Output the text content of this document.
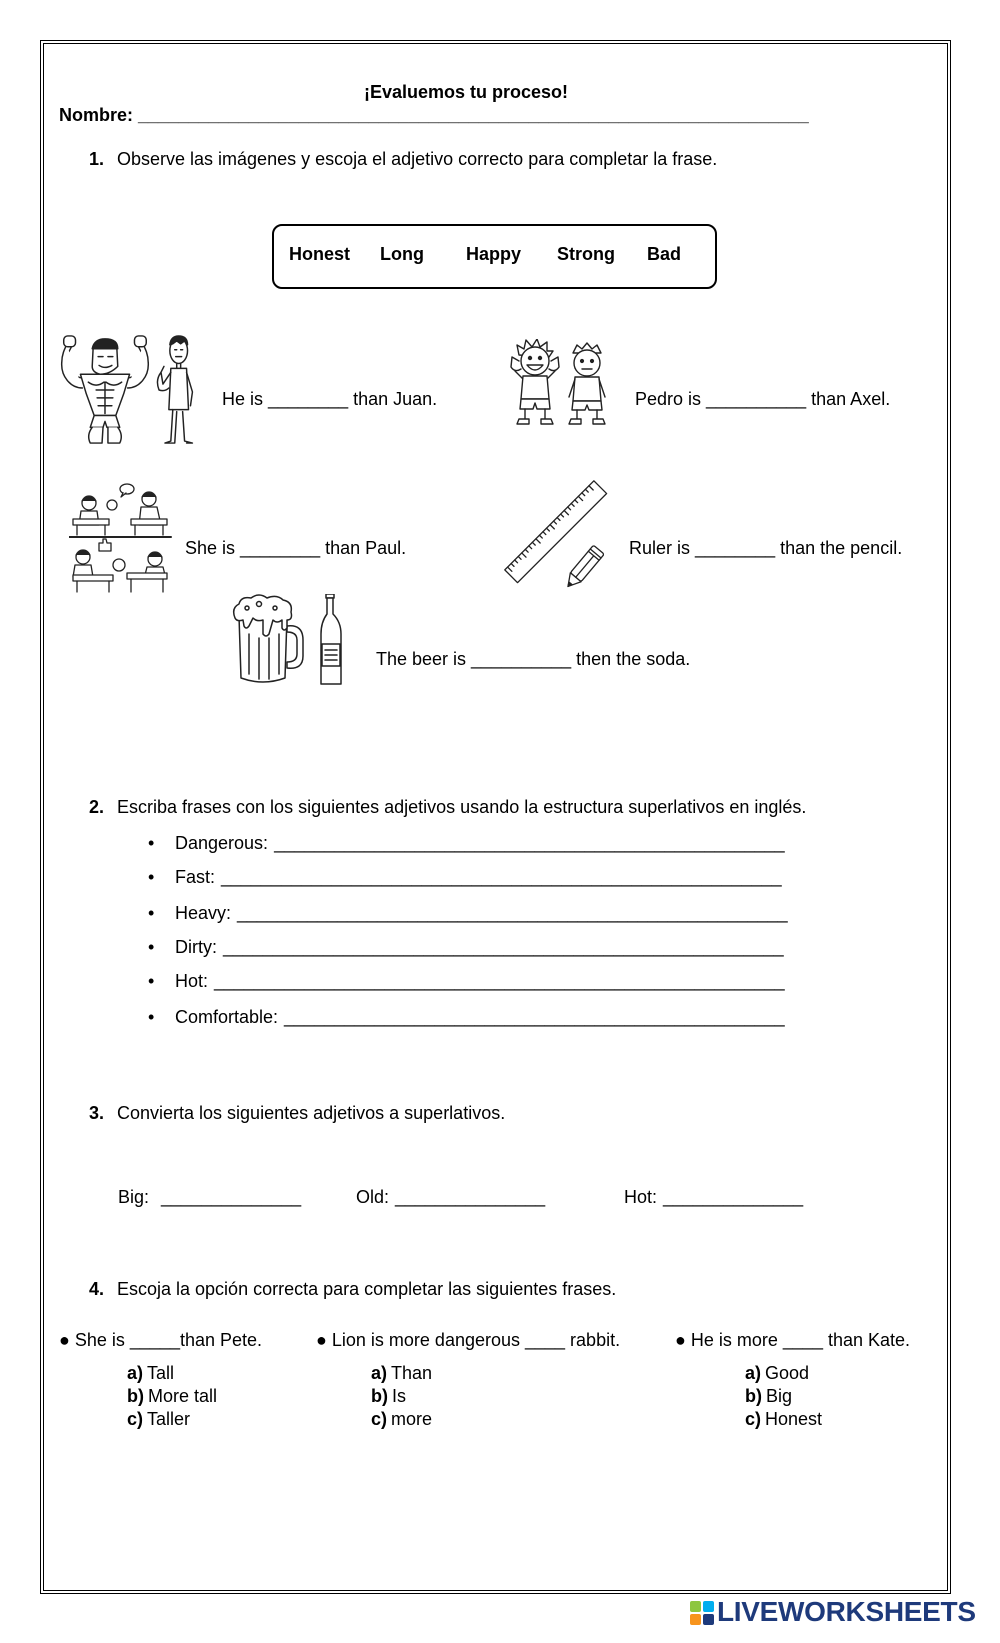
¡Evaluemos tu proceso!
Nombre: ___________________________________________________________________
1. Observe las imágenes y escoja el adjetivo correcto para completar la frase.
Honest Long Happy Strong Bad
He is ________ than Juan.	Pedro is __________ than Axel.
She is ________ than Paul.	Ruler is ________ than the pencil.
The beer is __________ then the soda.
2. Escriba frases con los siguientes adjetivos usando la estructura superlativos en inglés.
• Dangerous: ___________________________________________________
• Fast: ________________________________________________________
• Heavy: _______________________________________________________
• Dirty: ________________________________________________________
• Hot: _________________________________________________________
• Comfortable: __________________________________________________
3. Convierta los siguientes adjetivos a superlativos.
Big: ______________	Old: _______________	Hot: ______________
4. Escoja la opción correcta para completar las siguientes frases.
● She is _____than Pete.	● Lion is more dangerous ____ rabbit.	● He is more ____ than Kate.
a) Tall
b) More tall
c) Taller
a) Than
b) Is
c) more
a) Good
b) Big
c) Honest
LIVEWORKSHEETS
